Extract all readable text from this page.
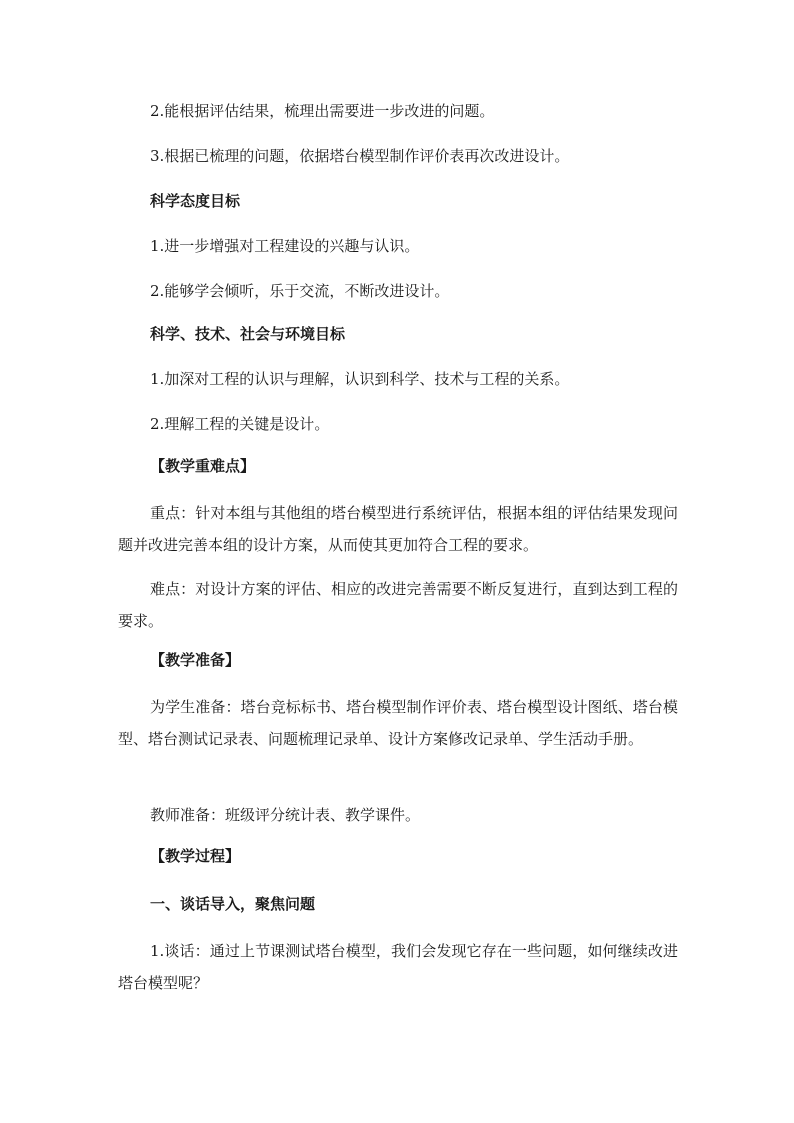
2.能根据评估结果，梳理出需要进一步改进的问题。
3.根据已梳理的问题，依据塔台模型制作评价表再次改进设计。
科学态度目标
1.进一步增强对工程建设的兴趣与认识。
2.能够学会倾听，乐于交流，不断改进设计。
科学、技术、社会与环境目标
1.加深对工程的认识与理解，认识到科学、技术与工程的关系。
2.理解工程的关键是设计。
【教学重难点】
重点：针对本组与其他组的塔台模型进行系统评估，根据本组的评估结果发现问题并改进完善本组的设计方案，从而使其更加符合工程的要求。
难点：对设计方案的评估、相应的改进完善需要不断反复进行，直到达到工程的要求。
【教学准备】
为学生准备：塔台竞标标书、塔台模型制作评价表、塔台模型设计图纸、塔台模型、塔台测试记录表、问题梳理记录单、设计方案修改记录单、学生活动手册。
教师准备：班级评分统计表、教学课件。
【教学过程】
一、谈话导入，聚焦问题
1.谈话：通过上节课测试塔台模型，我们会发现它存在一些问题，如何继续改进塔台模型呢？
